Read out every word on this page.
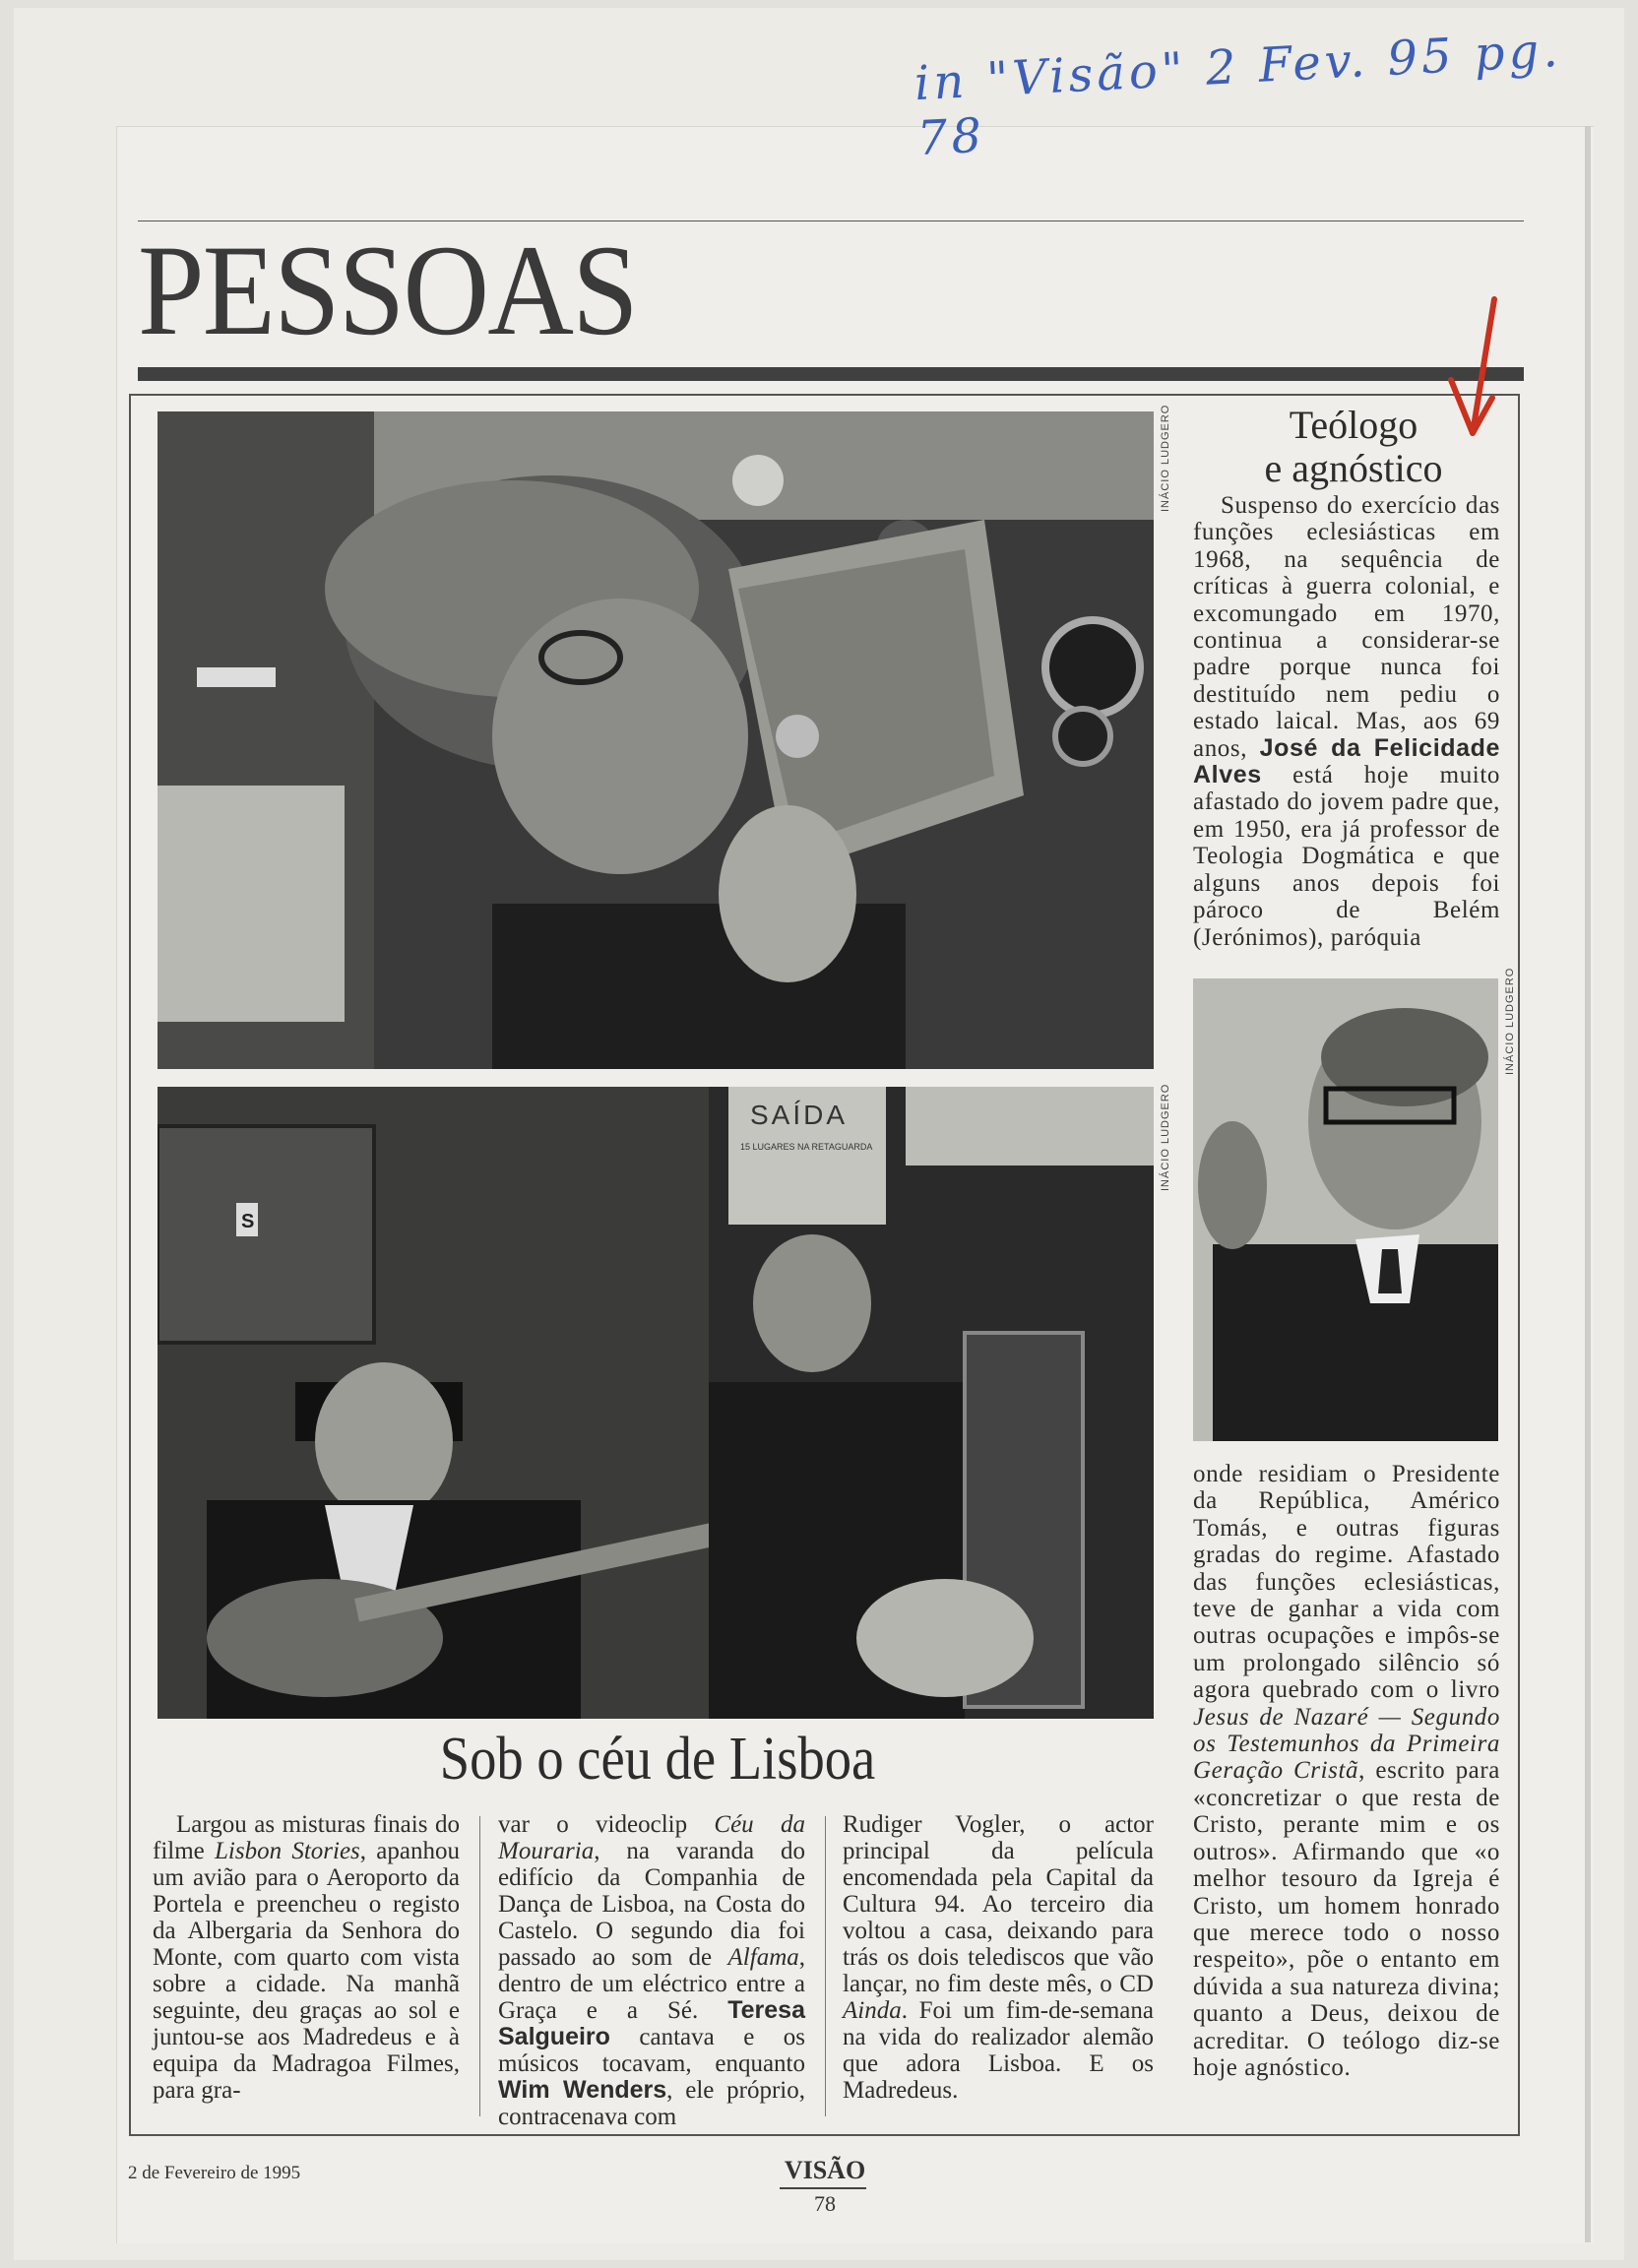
in "Visão" 2 Fev. 95 pg. 78
PESSOAS
INÁCIO LUDGERO
S
SAÍDA
15 LUGARES NA RETAGUARDA	INÁCIO LUDGERO
Sob o céu de Lisboa

Largou as misturas finais do filme Lisbon Stories, apanhou um avião para o Aeroporto da Portela e preencheu o registo da Albergaria da Senhora do Monte, com quarto com vista sobre a cidade. Na manhã seguinte, deu graças ao sol e juntou-se aos Madredeus e à equipa da Madragoa Filmes, para gra-

var o videoclip Céu da Mouraria, na varanda do edifício da Companhia de Dança de Lisboa, na Costa do Castelo. O segundo dia foi passado ao som de Alfama, dentro de um eléctrico entre a Graça e a Sé. Teresa Salgueiro cantava e os músicos tocavam, enquanto Wim Wenders, ele próprio, contracenava com

Rudiger Vogler, o actor principal da película encomendada pela Capital da Cultura 94. Ao terceiro dia voltou a casa, deixando para trás os dois telediscos que vão lançar, no fim deste mês, o CD Ainda. Foi um fim-de-semana na vida do realizador alemão que adora Lisboa. E os Madredeus.

Teólogo
e agnóstico
Suspenso do exercício das funções eclesiásticas em 1968, na sequência de críticas à guerra colonial, e excomungado em 1970, continua a considerar-se padre porque nunca foi destituído nem pediu o estado laical. Mas, aos 69 anos, José da Felicidade Alves está hoje muito afastado do jovem padre que, em 1950, era já professor de Teologia Dogmática e que alguns anos depois foi pároco de Belém (Jerónimos), paróquia
INÁCIO LUDGERO
onde residiam o Presidente da República, Américo Tomás, e outras figuras gradas do regime. Afastado das funções eclesiásticas, teve de ganhar a vida com outras ocupações e impôs-se um prolongado silêncio só agora quebrado com o livro Jesus de Nazaré — Segundo os Testemunhos da Primeira Geração Cristã, escrito para «concretizar o que resta de Cristo, perante mim e os outros». Afirmando que «o melhor tesouro da Igreja é Cristo, um homem honrado que merece todo o nosso respeito», põe o entanto em dúvida a sua natureza divina; quanto a Deus, deixou de acreditar. O teólogo diz-se hoje agnóstico.
2 de Fevereiro de 1995	VISÃO
78
